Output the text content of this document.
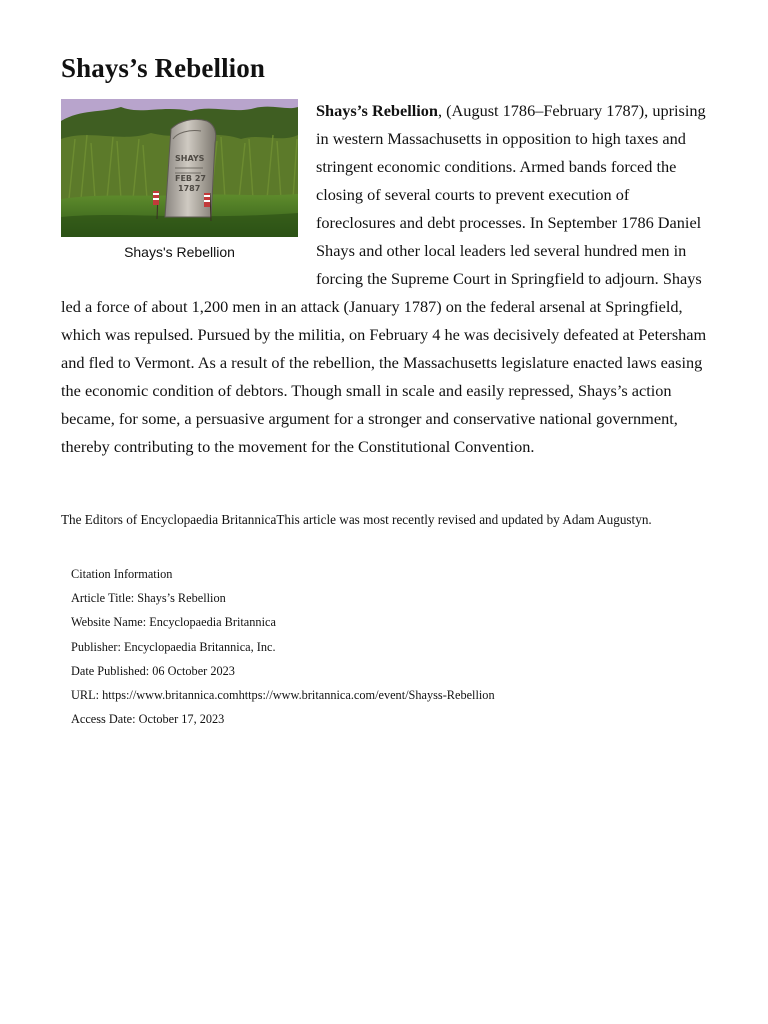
Shays’s Rebellion
SHAYS
FEB 27
1787
Shays's Rebellion

Shays’s Rebellion, (August 1786–February 1787), uprising in western Massachusetts in opposition to high taxes and stringent economic conditions. Armed bands forced the closing of several courts to prevent execution of foreclosures and debt processes. In September 1786 Daniel Shays and other local leaders led several hundred men in forcing the Supreme Court in Springfield to adjourn. Shays led a force of about 1,200 men in an attack (January 1787) on the federal arsenal at Springfield, which was repulsed. Pursued by the militia, on February 4 he was decisively defeated at Petersham and fled to Vermont. As a result of the rebellion, the Massachusetts legislature enacted laws easing the economic condition of debtors. Though small in scale and easily repressed, Shays’s action became, for some, a persuasive argument for a stronger and conservative national government, thereby contributing to the movement for the Constitutional Convention.

The Editors of Encyclopaedia BritannicaThis article was most recently revised and updated by Adam Augustyn.

Citation Information
Article Title: Shays’s Rebellion
Website Name: Encyclopaedia Britannica
Publisher: Encyclopaedia Britannica, Inc.
Date Published: 06 October 2023
URL: https://www.britannica.comhttps://www.britannica.com/event/Shayss-Rebellion
Access Date: October 17, 2023
